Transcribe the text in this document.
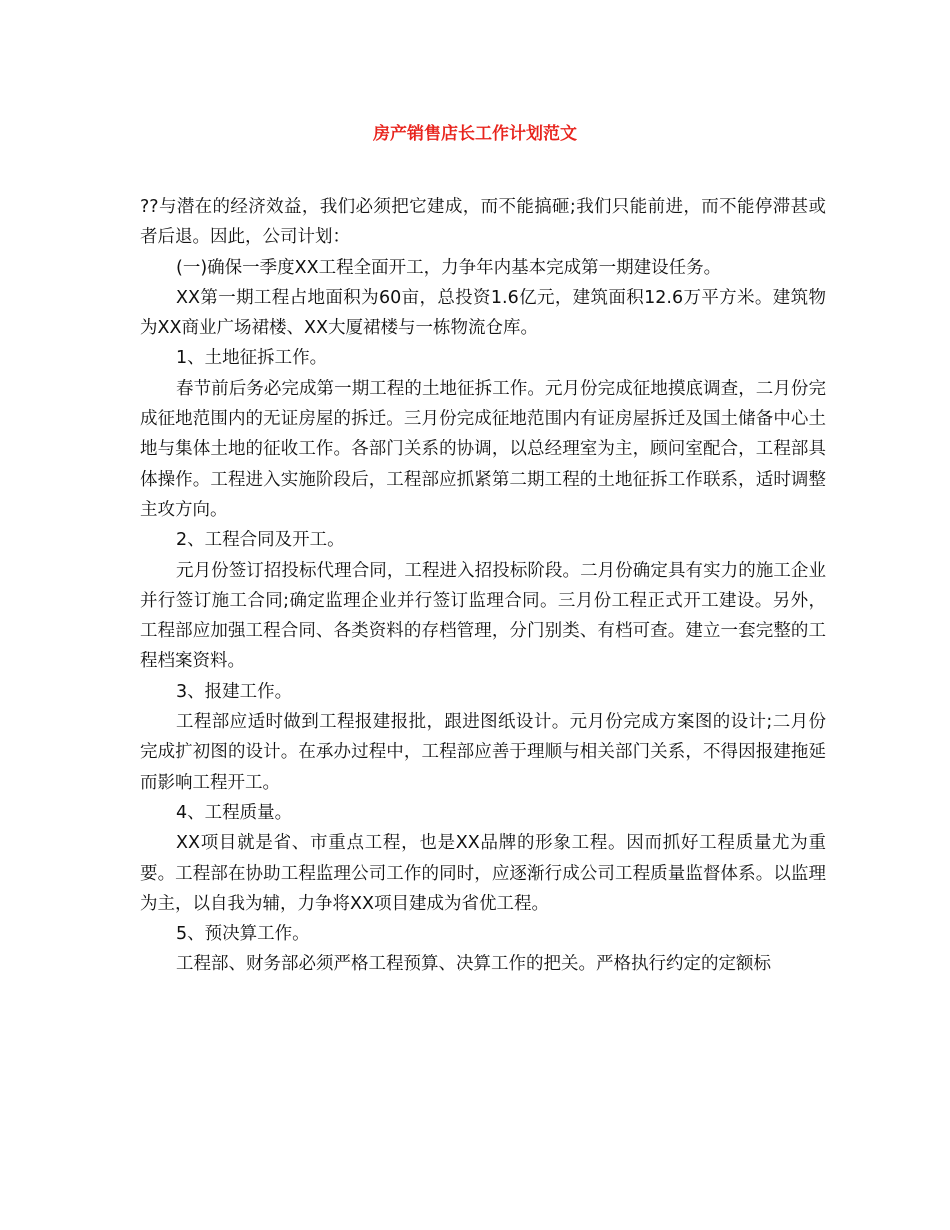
房产销售店长工作计划范文

??与潜在的经济效益，我们必须把它建成，而不能搞砸;我们只能前进，而不能停滞甚或者后退。因此，公司计划：

(一)确保一季度XX工程全面开工，力争年内基本完成第一期建设任务。

XX第一期工程占地面积为60亩，总投资1.6亿元，建筑面积12.6万平方米。建筑物为XX商业广场裙楼、XX大厦裙楼与一栋物流仓库。

1、土地征拆工作。

春节前后务必完成第一期工程的土地征拆工作。元月份完成征地摸底调查，二月份完成征地范围内的无证房屋的拆迁。三月份完成征地范围内有证房屋拆迁及国土储备中心土地与集体土地的征收工作。各部门关系的协调，以总经理室为主，顾问室配合，工程部具体操作。工程进入实施阶段后，工程部应抓紧第二期工程的土地征拆工作联系，适时调整主攻方向。

2、工程合同及开工。

元月份签订招投标代理合同，工程进入招投标阶段。二月份确定具有实力的施工企业并行签订施工合同;确定监理企业并行签订监理合同。三月份工程正式开工建设。另外，工程部应加强工程合同、各类资料的存档管理，分门别类、有档可查。建立一套完整的工程档案资料。

3、报建工作。

工程部应适时做到工程报建报批，跟进图纸设计。元月份完成方案图的设计;二月份完成扩初图的设计。在承办过程中，工程部应善于理顺与相关部门关系，不得因报建拖延而影响工程开工。

4、工程质量。

XX项目就是省、市重点工程，也是XX品牌的形象工程。因而抓好工程质量尤为重要。工程部在协助工程监理公司工作的同时，应逐渐行成公司工程质量监督体系。以监理为主，以自我为辅，力争将XX项目建成为省优工程。

5、预决算工作。

工程部、财务部必须严格工程预算、决算工作的把关。严格执行约定的定额标
